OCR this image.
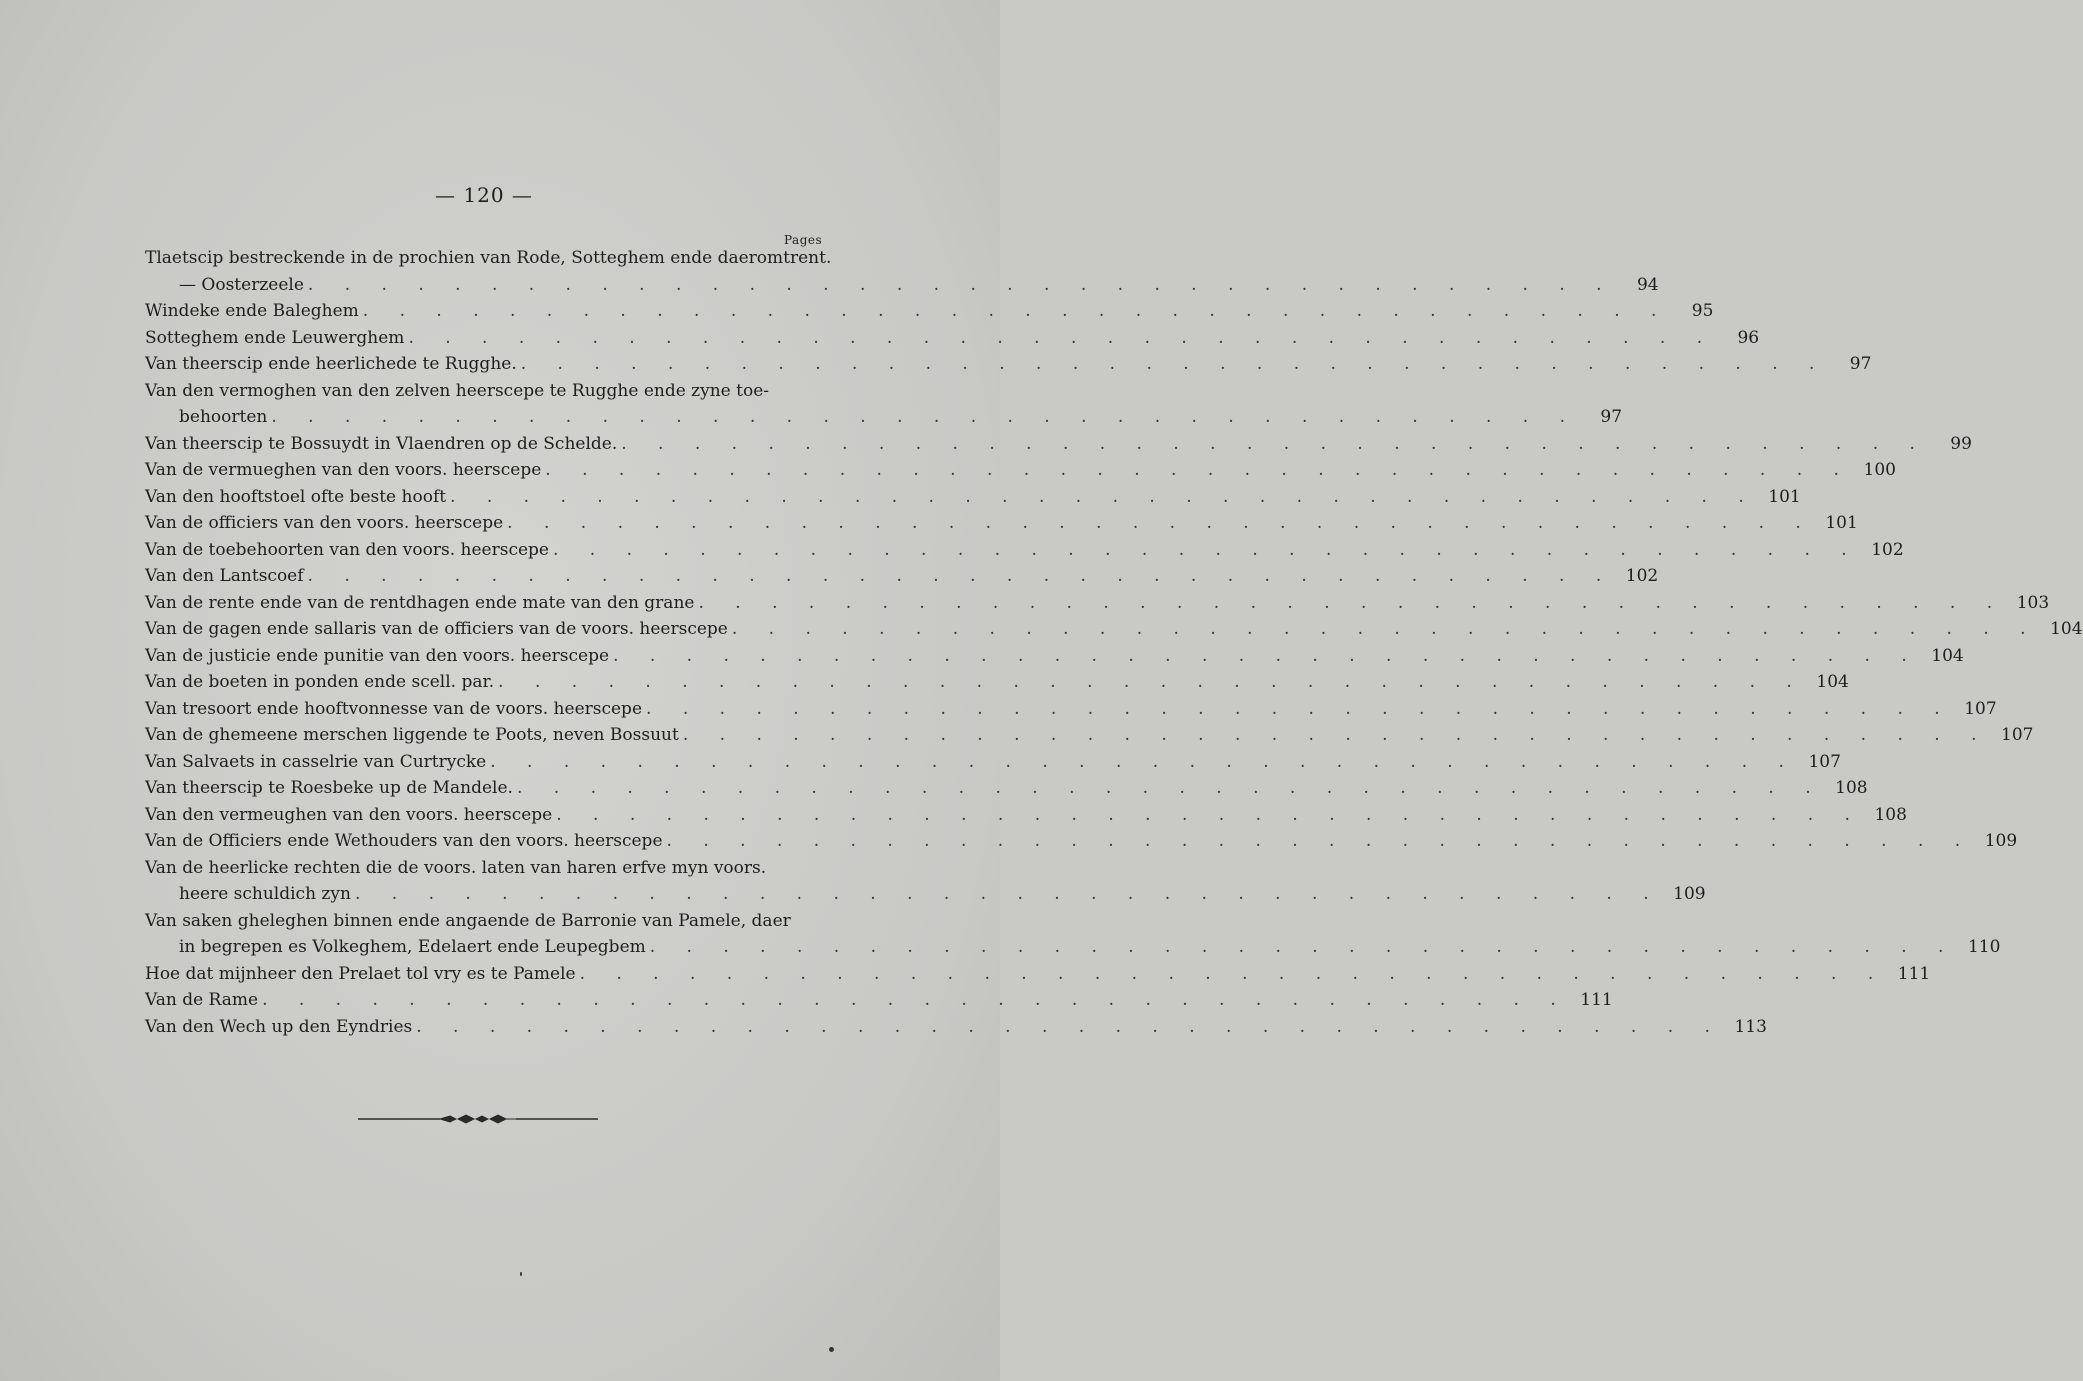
— 120 —
Pages
Tlaetscip bestreckende in de prochien van Rode, Sotteghem ende daeromtrent.
— Oosterzeele . . . . . . . . . . . . . . . . . . . . . . . . . . . . . . . . . . . .	94
Windeke ende Baleghem . . . . . . . . . . . . . . . . . . . . . . . . . . . . . . . . . . . .	95
Sotteghem ende Leuwerghem . . . . . . . . . . . . . . . . . . . . . . . . . . . . . . . . . . . .	96
Van theerscip ende heerlichede te Rugghe. . . . . . . . . . . . . . . . . . . . . . . . . . . . . . . . . . . . .	97
Van den vermoghen van den zelven heerscepe te Rugghe ende zyne toe-
behoorten . . . . . . . . . . . . . . . . . . . . . . . . . . . . . . . . . . . .	97
Van theerscip te Bossuydt in Vlaendren op de Schelde. . . . . . . . . . . . . . . . . . . . . . . . . . . . . . . . . . . . .	99
Van de vermueghen van den voors. heerscepe . . . . . . . . . . . . . . . . . . . . . . . . . . . . . . . . . . . . 100
Van den hooftstoel ofte beste hooft . . . . . . . . . . . . . . . . . . . . . . . . . . . . . . . . . . . . 101
Van de officiers van den voors. heerscepe . . . . . . . . . . . . . . . . . . . . . . . . . . . . . . . . . . . . 101
Van de toebehoorten van den voors. heerscepe . . . . . . . . . . . . . . . . . . . . . . . . . . . . . . . . . . . . 102
Van den Lantscoef . . . . . . . . . . . . . . . . . . . . . . . . . . . . . . . . . . . . 102
Van de rente ende van de rentdhagen ende mate van den grane . . . . . . . . . . . . . . . . . . . . . . . . . . . . . . . . . . . . 103
Van de gagen ende sallaris van de officiers van de voors. heerscepe . . . . . . . . . . . . . . . . . . . . . . . . . . . . . . . . . . . . 104
Van de justicie ende punitie van den voors. heerscepe . . . . . . . . . . . . . . . . . . . . . . . . . . . . . . . . . . . . 104
Van de boeten in ponden ende scell. par. . . . . . . . . . . . . . . . . . . . . . . . . . . . . . . . . . . . . 104
Van tresoort ende hooftvonnesse van de voors. heerscepe . . . . . . . . . . . . . . . . . . . . . . . . . . . . . . . . . . . . 107
Van de ghemeene merschen liggende te Poots, neven Bossuut . . . . . . . . . . . . . . . . . . . . . . . . . . . . . . . . . . . . 107
Van Salvaets in casselrie van Curtrycke . . . . . . . . . . . . . . . . . . . . . . . . . . . . . . . . . . . . 107
Van theerscip te Roesbeke up de Mandele. . . . . . . . . . . . . . . . . . . . . . . . . . . . . . . . . . . . . 108
Van den vermeughen van den voors. heerscepe . . . . . . . . . . . . . . . . . . . . . . . . . . . . . . . . . . . . 108
Van de Officiers ende Wethouders van den voors. heerscepe . . . . . . . . . . . . . . . . . . . . . . . . . . . . . . . . . . . . 109
Van de heerlicke rechten die de voors. laten van haren erfve myn voors.
heere schuldich zyn . . . . . . . . . . . . . . . . . . . . . . . . . . . . . . . . . . . . 109
Van saken gheleghen binnen ende angaende de Barronie van Pamele, daer
in begrepen es Volkeghem, Edelaert ende Leupegbem . . . . . . . . . . . . . . . . . . . . . . . . . . . . . . . . . . . . 110
Hoe dat mijnheer den Prelaet tol vry es te Pamele . . . . . . . . . . . . . . . . . . . . . . . . . . . . . . . . . . . . 111
Van de Rame . . . . . . . . . . . . . . . . . . . . . . . . . . . . . . . . . . . . 111
Van den Wech up den Eyndries . . . . . . . . . . . . . . . . . . . . . . . . . . . . . . . . . . . . 113
